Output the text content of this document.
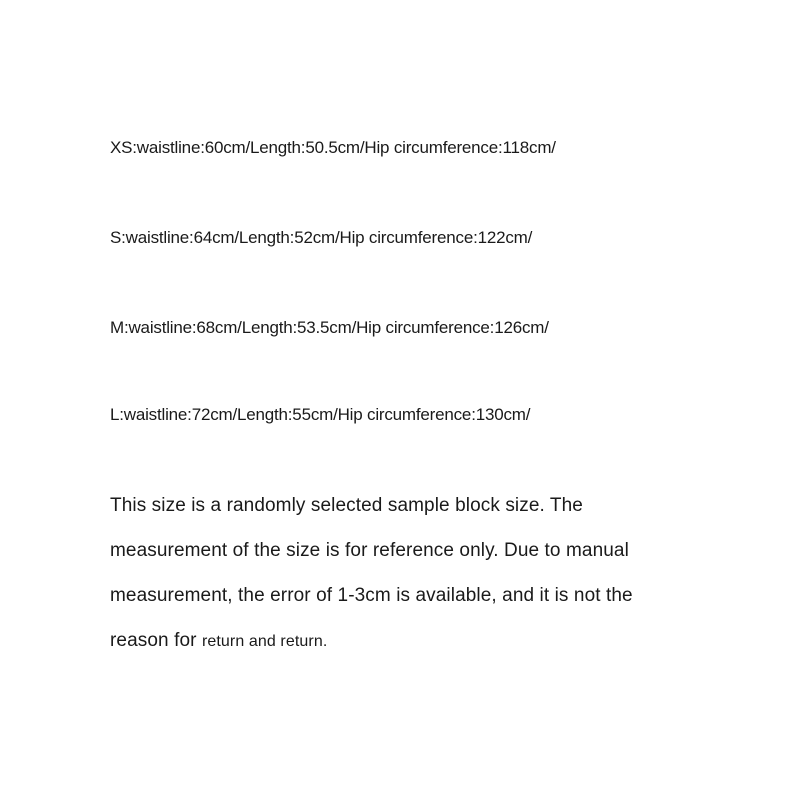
XS:waistline:60cm/Length:50.5cm/Hip circumference:118cm/
S:waistline:64cm/Length:52cm/Hip circumference:122cm/
M:waistline:68cm/Length:53.5cm/Hip circumference:126cm/
L:waistline:72cm/Length:55cm/Hip circumference:130cm/
This size is a randomly selected sample block size. The
measurement of the size is for reference only. Due to manual
measurement, the error of 1-3cm is available, and it is not the
reason for return and return.
